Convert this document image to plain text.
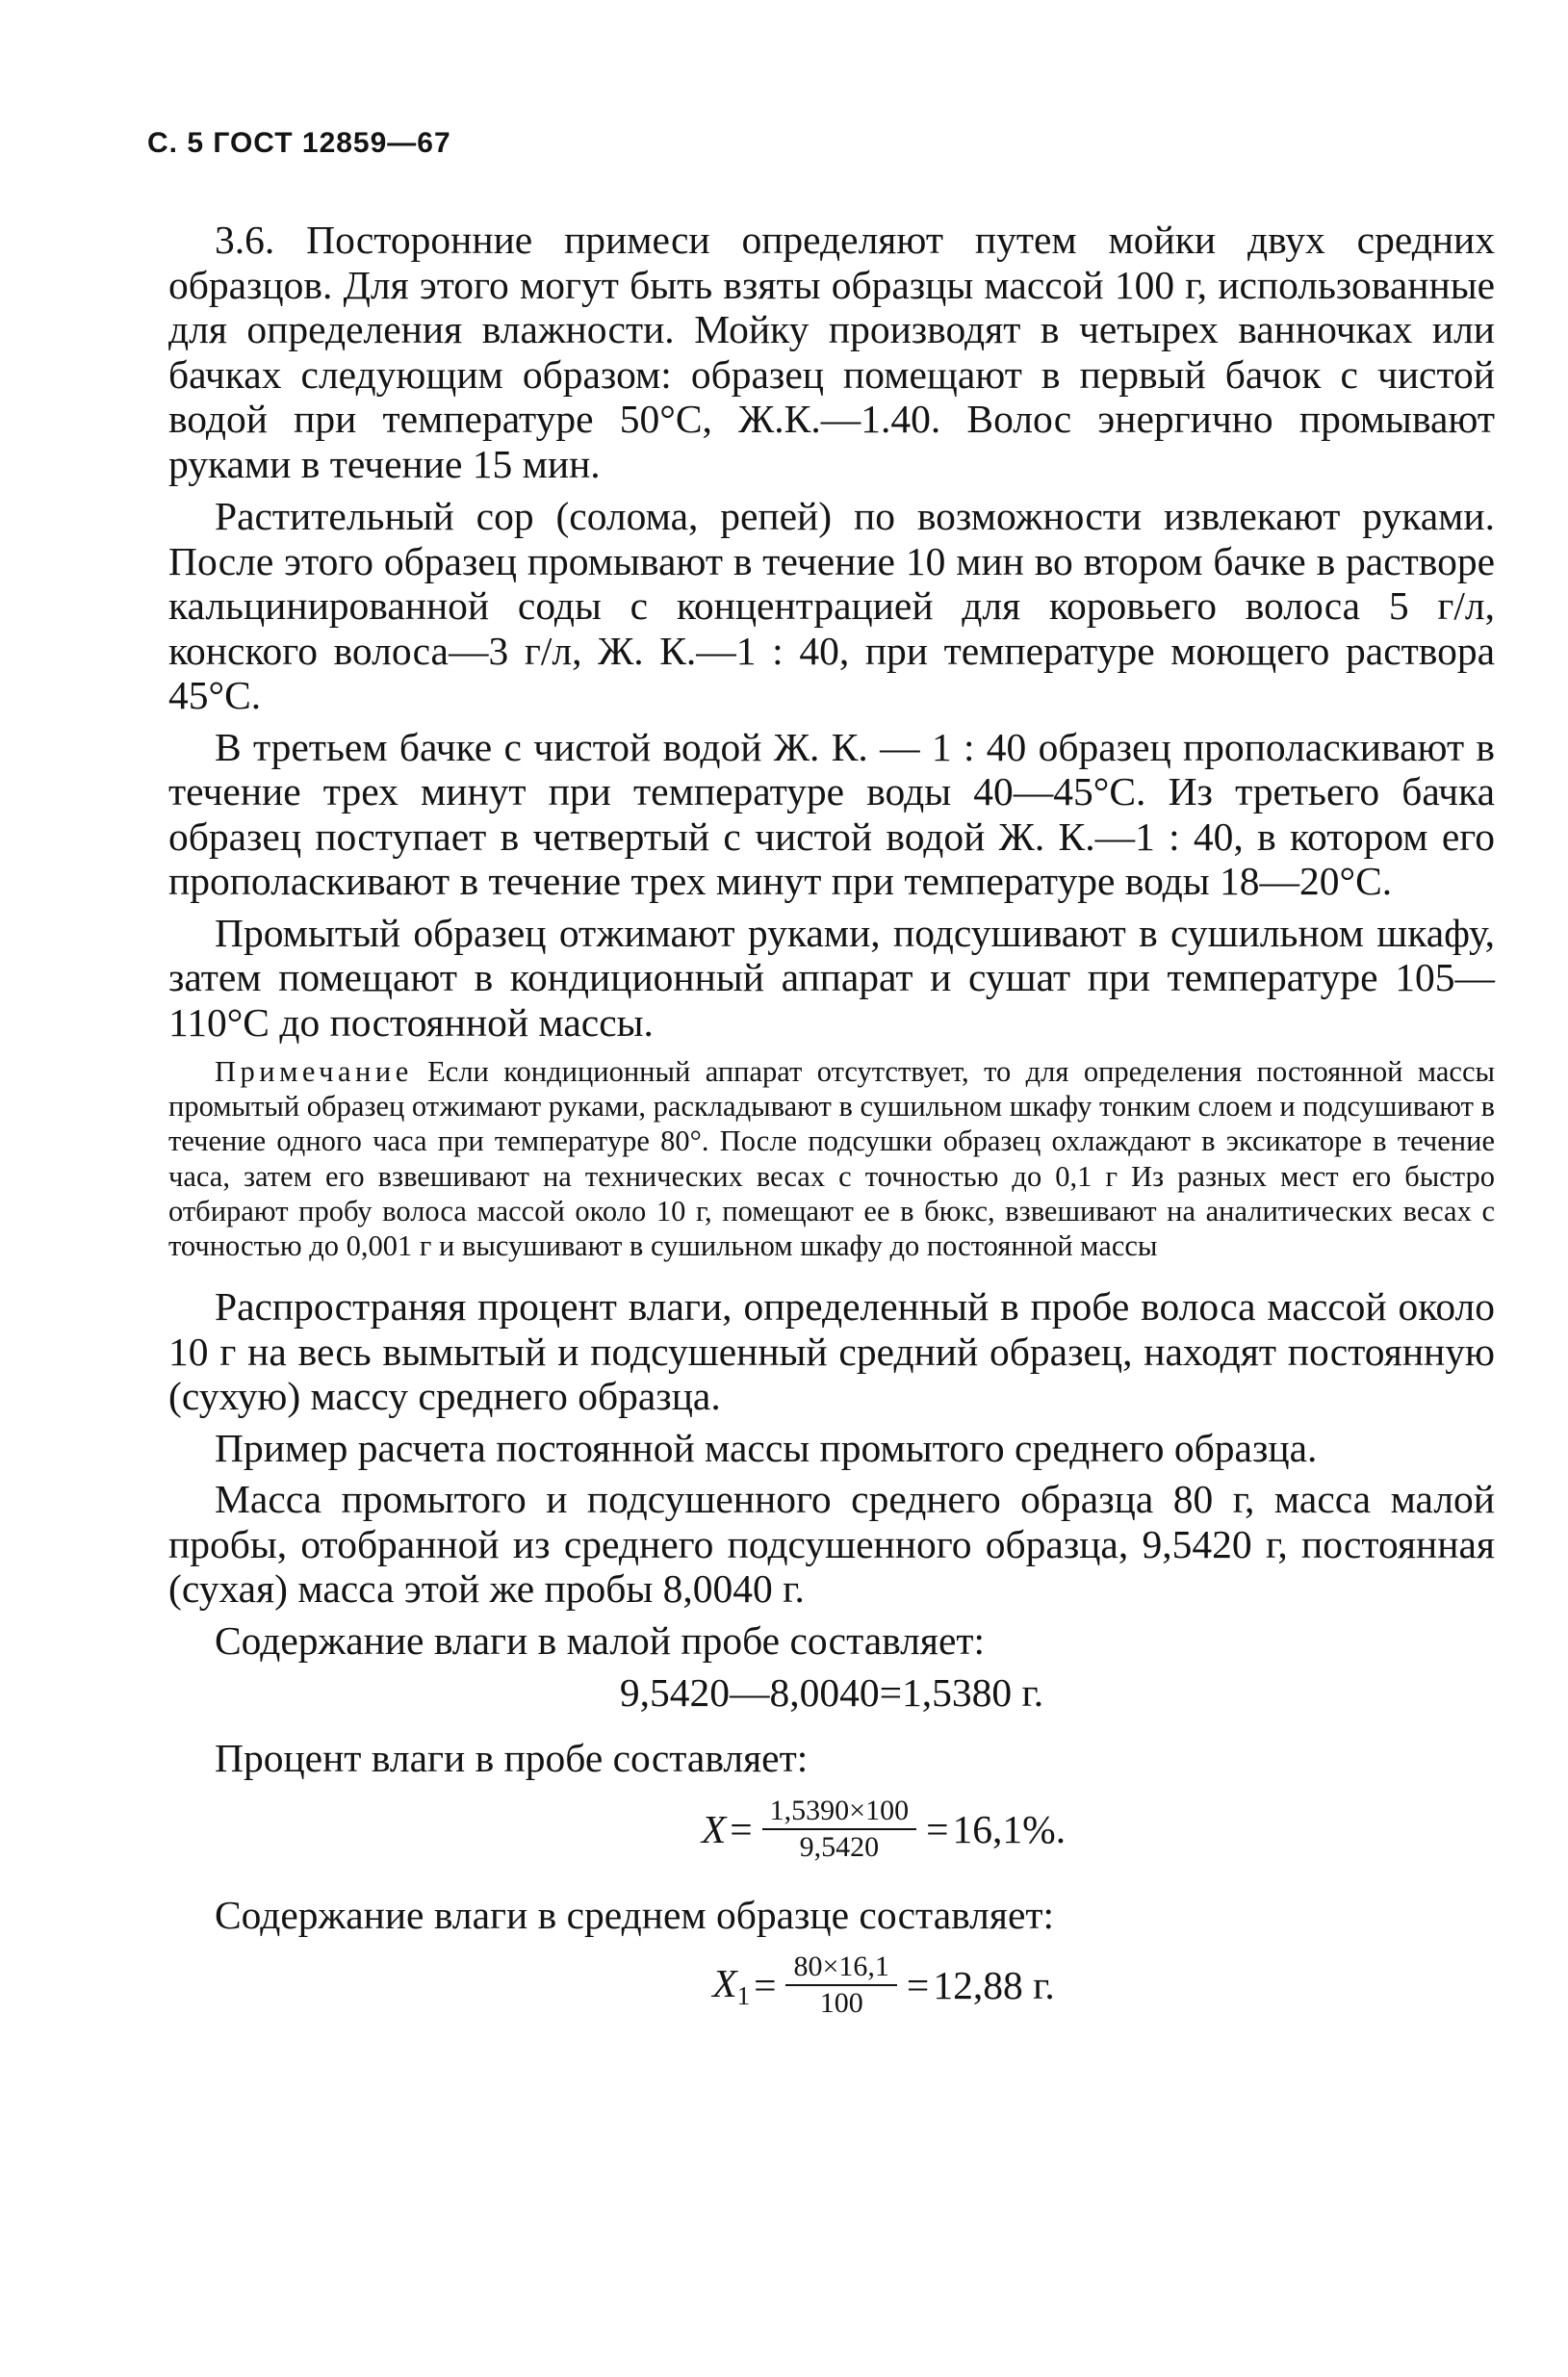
С. 5 ГОСТ 12859—67

3.6. Посторонние примеси определяют путем мойки двух средних образцов. Для этого могут быть взяты образцы массой 100 г, использованные для определения влажности. Мойку производят в четырех ванночках или бачках следующим образом: образец помещают в первый бачок с чистой водой при температуре 50°С, Ж.К.—1.40. Волос энергично промывают руками в течение 15 мин.

Растительный сор (солома, репей) по возможности извлекают руками. После этого образец промывают в течение 10 мин во втором бачке в растворе кальцинированной соды с концентрацией для коровьего волоса 5 г/л, конского волоса—3 г/л, Ж. К.—1 : 40, при температуре моющего раствора 45°С.

В третьем бачке с чистой водой Ж. К. — 1 : 40 образец прополаскивают в течение трех минут при температуре воды 40—45°С. Из третьего бачка образец поступает в четвертый с чистой водой Ж. К.—1 : 40, в котором его прополаскивают в течение трех минут при температуре воды 18—20°С.

Промытый образец отжимают руками, подсушивают в сушильном шкафу, затем помещают в кондиционный аппарат и сушат при температуре 105—110°С до постоянной массы.

Примечание Если кондиционный аппарат отсутствует, то для определения постоянной массы промытый образец отжимают руками, раскладывают в сушильном шкафу тонким слоем и подсушивают в течение одного часа при температуре 80°. После подсушки образец охлаждают в эксикаторе в течение часа, затем его взвешивают на технических весах с точностью до 0,1 г Из разных мест его быстро отбирают пробу волоса массой около 10 г, помещают ее в бюкс, взвешивают на аналитических весах с точностью до 0,001 г и высушивают в сушильном шкафу до постоянной массы

Распространяя процент влаги, определенный в пробе волоса массой около 10 г на весь вымытый и подсушенный средний образец, находят постоянную (сухую) массу среднего образца.

Пример расчета постоянной массы промытого среднего образца.

Масса промытого и подсушенного среднего образца 80 г, масса малой пробы, отобранной из среднего подсушенного образца, 9,5420 г, постоянная (сухая) масса этой же пробы 8,0040 г.

Содержание влаги в малой пробе составляет:

9,5420—8,0040=1,5380 г.

Процент влаги в пробе составляет:

$X = \frac{1,5390\times 100}{9,5420} = 16,1\%$.

Содержание влаги в среднем образце составляет:

$X_1 = \frac{80\times 16,1}{100} = 12,88$ г.
